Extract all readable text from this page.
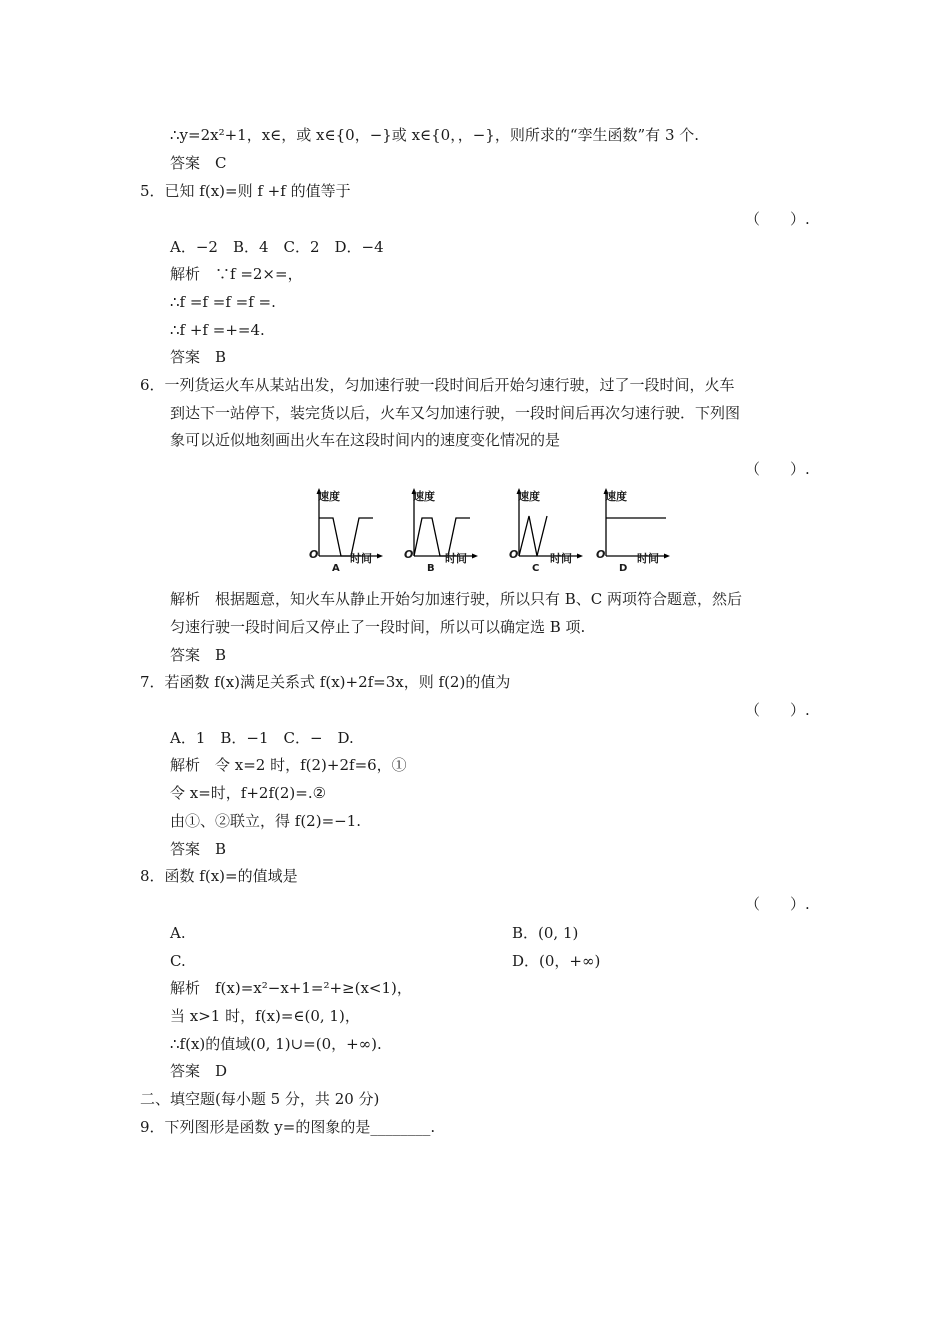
∴y=2x²+1，x∈，或 x∈{0，−}或 x∈{0，，−}，则所求的“孪生函数”有 3 个.
答案　C
5．已知 f(x)=则 f +f 的值等于
（　　）.
A．−2　B．4　C．2　D．−4
解析　∵f =2×=，
∴f =f =f =f =.
∴f +f =+=4.
答案　B
6．一列货运火车从某站出发，匀加速行驶一段时间后开始匀速行驶，过了一段时间，火车
到达下一站停下，装完货以后，火车又匀加速行驶，一段时间后再次匀速行驶．下列图
象可以近似地刻画出火车在这段时间内的速度变化情况的是
（　　）.
速度
时间
O
A
速度
时间
O
B
速度
时间
O
C
速度
时间
O
D
解析　根据题意，知火车从静止开始匀加速行驶，所以只有 B、C 两项符合题意，然后
匀速行驶一段时间后又停止了一段时间，所以可以确定选 B 项.
答案　B
7．若函数 f(x)满足关系式 f(x)+2f=3x，则 f(2)的值为
（　　）.
A．1　B．−1　C．−　D.
解析　令 x=2 时，f(2)+2f=6，①
令 x=时，f+2f(2)=.②
由①、②联立，得 f(2)=−1.
答案　B
8．函数 f(x)=的值域是
（　　）.
A.	B．(0, 1)
C.	D．(0，+∞)
解析　f(x)=x²−x+1=²+≥(x<1)，
当 x>1 时，f(x)=∈(0, 1)，
∴f(x)的值域(0, 1)∪=(0，+∞).
答案　D
二、填空题(每小题 5 分，共 20 分)
9．下列图形是函数 y=的图象的是________.
